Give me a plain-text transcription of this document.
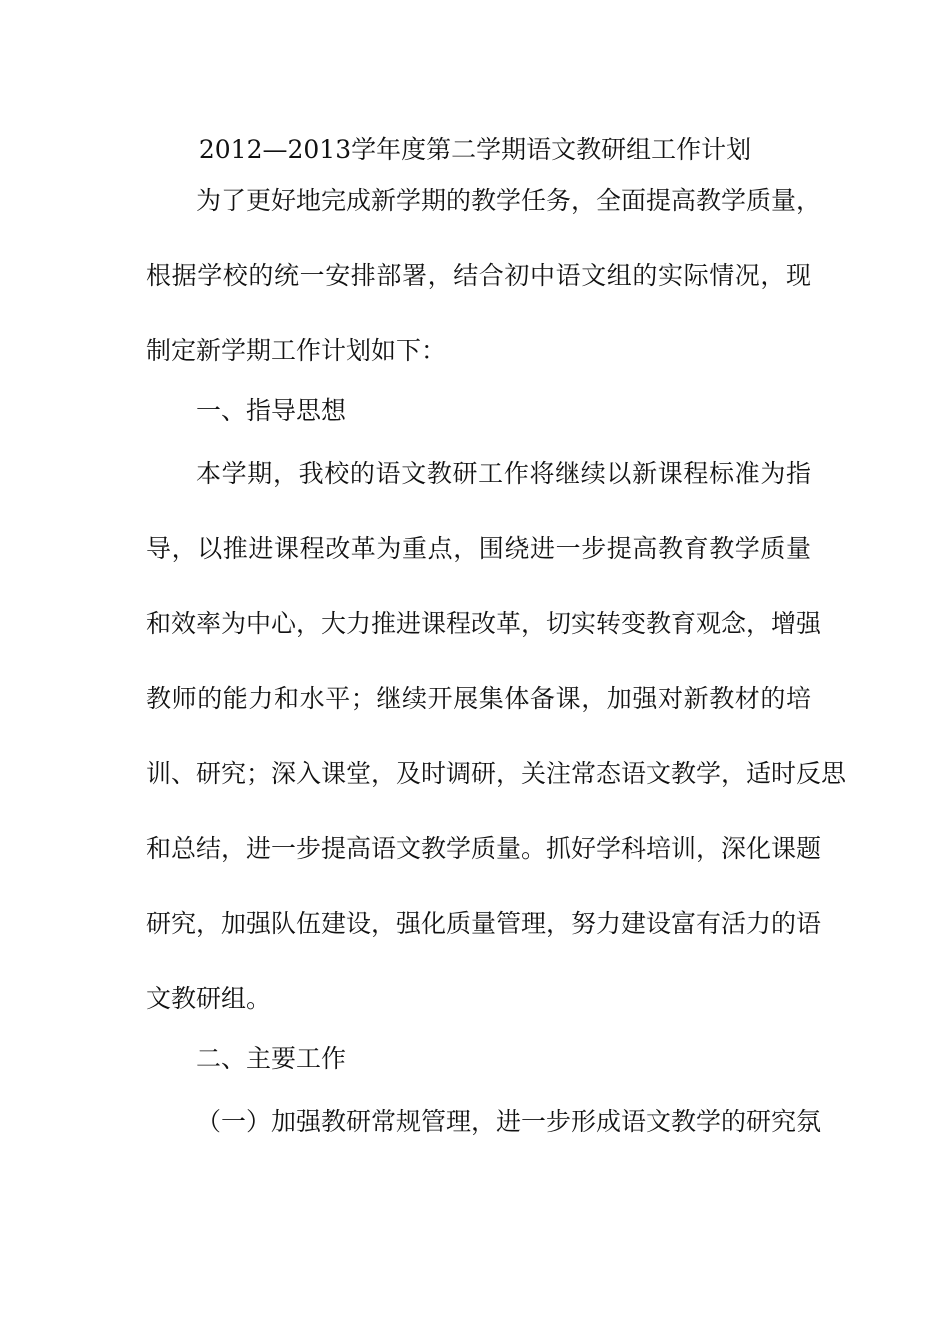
2012—2013学年度第二学期语文教研组工作计划
为了更好地完成新学期的教学任务，全面提高教学质量，
根据学校的统一安排部署，结合初中语文组的实际情况，现
制定新学期工作计划如下：
一、指导思想
本学期，我校的语文教研工作将继续以新课程标准为指
导，以推进课程改革为重点，围绕进一步提高教育教学质量
和效率为中心，大力推进课程改革，切实转变教育观念，增强
教师的能力和水平；继续开展集体备课，加强对新教材的培
训、研究；深入课堂，及时调研，关注常态语文教学，适时反思
和总结，进一步提高语文教学质量。抓好学科培训，深化课题
研究，加强队伍建设，强化质量管理，努力建设富有活力的语
文教研组。
二、主要工作
（一）加强教研常规管理，进一步形成语文教学的研究氛
